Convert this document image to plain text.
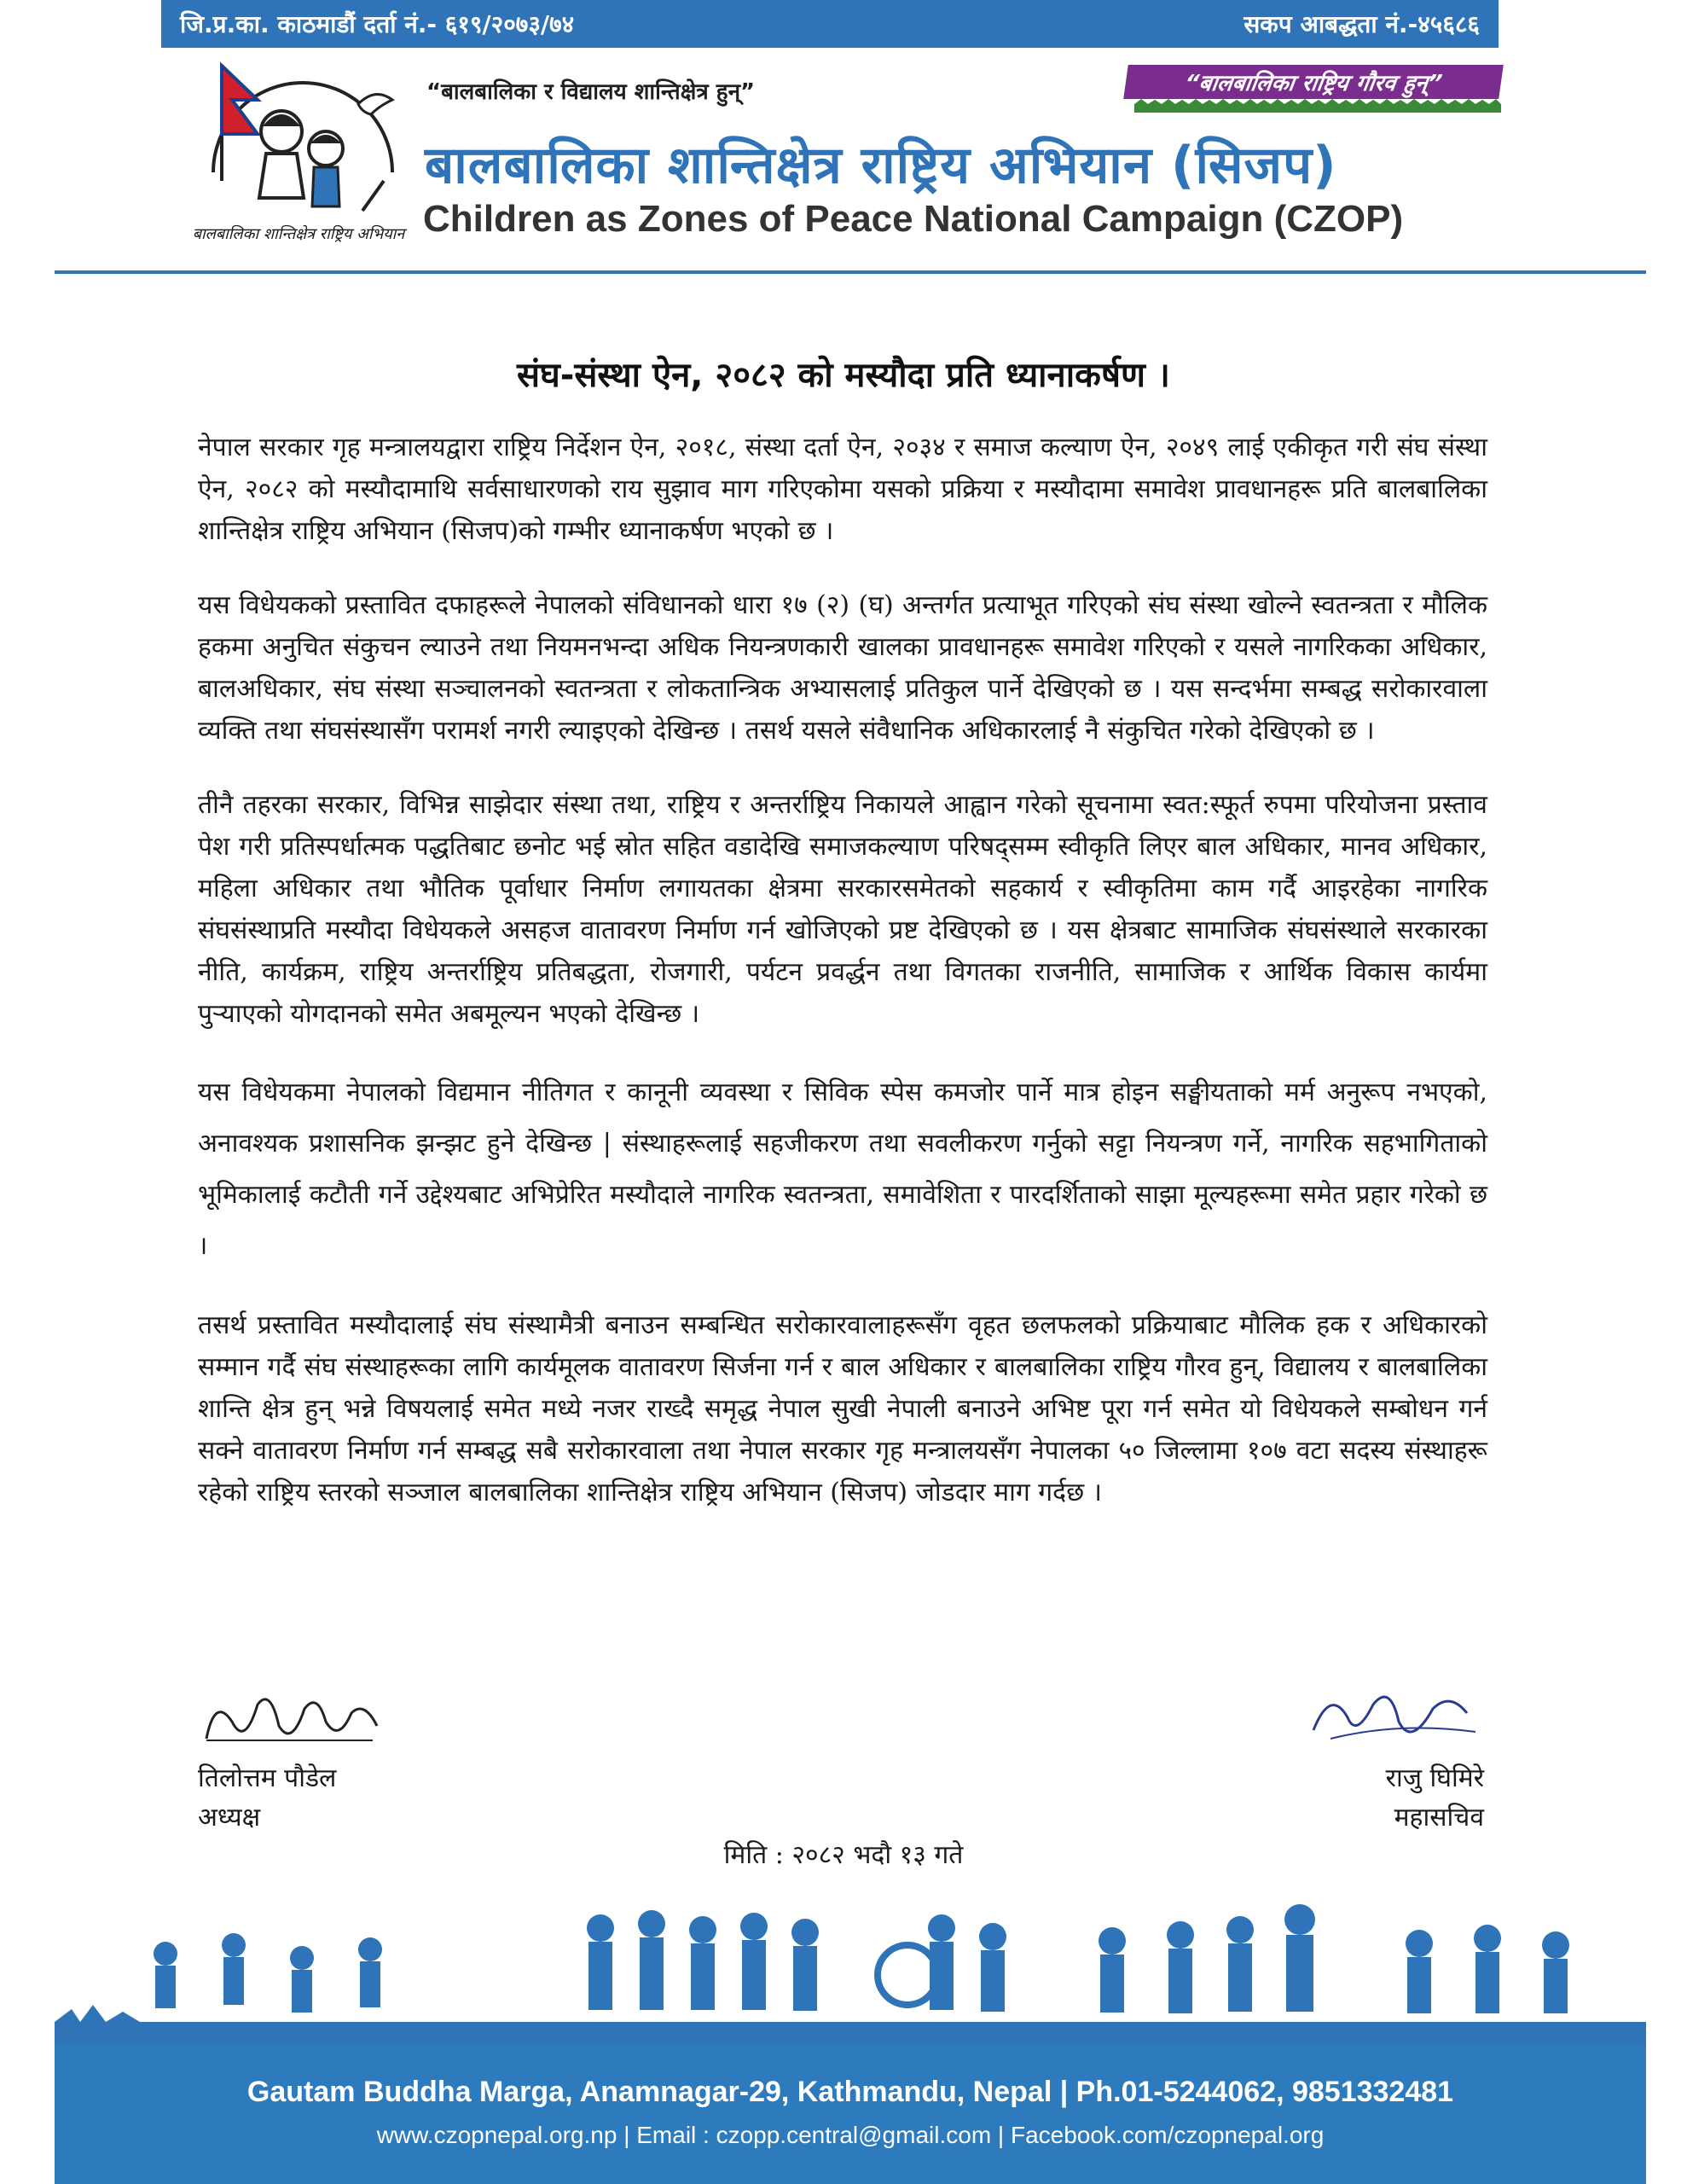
जि.प्र.का. काठमाडौं दर्ता नं.- ६१९/२०७३/७४	सकप आबद्धता नं.-४५६८६
बालबालिका शान्तिक्षेत्र राष्ट्रिय अभियान
“बालबालिका र विद्यालय शान्तिक्षेत्र हुन्”	“बालबालिका राष्ट्रिय गौरव हुन्”
बालबालिका शान्तिक्षेत्र राष्ट्रिय अभियान (सिजप)
Children as Zones of Peace National Campaign (CZOP)
संघ-संस्था ऐन, २०८२ को मस्यौदा प्रति ध्यानाकर्षण ।

नेपाल सरकार गृह मन्त्रालयद्वारा राष्ट्रिय निर्देशन ऐन, २०१८, संस्था दर्ता ऐन, २०३४ र समाज कल्याण ऐन, २०४९ लाई एकीकृत गरी संघ संस्था ऐन, २०८२ को मस्यौदामाथि सर्वसाधारणको राय सुझाव माग गरिएकोमा यसको प्रक्रिया र मस्यौदामा समावेश प्रावधानहरू प्रति बालबालिका शान्तिक्षेत्र राष्ट्रिय अभियान (सिजप)को गम्भीर ध्यानाकर्षण भएको छ ।

यस विधेयकको प्रस्तावित दफाहरूले नेपालको संविधानको धारा १७ (२) (घ) अन्तर्गत प्रत्याभूत गरिएको संघ संस्था खोल्ने स्वतन्त्रता र मौलिक हकमा अनुचित संकुचन ल्याउने तथा नियमनभन्दा अधिक नियन्त्रणकारी खालका प्रावधानहरू समावेश गरिएको र यसले नागरिकका अधिकार, बालअधिकार, संघ संस्था सञ्चालनको स्वतन्त्रता र लोकतान्त्रिक अभ्यासलाई प्रतिकुल पार्ने देखिएको छ । यस सन्दर्भमा सम्बद्ध सरोकारवाला व्यक्ति तथा संघसंस्थासँग परामर्श नगरी ल्याइएको देखिन्छ । तसर्थ यसले संवैधानिक अधिकारलाई नै संकुचित गरेको देखिएको छ ।

तीनै तहरका सरकार, विभिन्न साझेदार संस्था तथा, राष्ट्रिय र अन्तर्राष्ट्रिय निकायले आह्वान गरेको सूचनामा स्वत:स्फूर्त रुपमा परियोजना प्रस्ताव पेश गरी प्रतिस्पर्धात्मक पद्धतिबाट छनोट भई स्रोत सहित वडादेखि समाजकल्याण परिषद्सम्म स्वीकृति लिएर बाल अधिकार, मानव अधिकार, महिला अधिकार तथा भौतिक पूर्वाधार निर्माण लगायतका क्षेत्रमा सरकारसमेतको सहकार्य र स्वीकृतिमा काम गर्दै आइरहेका नागरिक संघसंस्थाप्रति मस्यौदा विधेयकले असहज वातावरण निर्माण गर्न खोजिएको प्रष्ट देखिएको छ । यस क्षेत्रबाट सामाजिक संघसंस्थाले सरकारका नीति, कार्यक्रम, राष्ट्रिय अन्तर्राष्ट्रिय प्रतिबद्धता, रोजगारी, पर्यटन प्रवर्द्धन तथा विगतका राजनीति, सामाजिक र आर्थिक विकास कार्यमा पुऱ्याएको योगदानको समेत अबमूल्यन भएको देखिन्छ ।

यस विधेयकमा नेपालको विद्यमान नीतिगत र कानूनी व्यवस्था र सिविक स्पेस कमजोर पार्ने मात्र होइन सङ्घीयताको मर्म अनुरूप नभएको, अनावश्यक प्रशासनिक झन्झट हुने देखिन्छ | संस्थाहरूलाई सहजीकरण तथा सवलीकरण गर्नुको सट्टा नियन्त्रण गर्ने, नागरिक सहभागिताको भूमिकालाई कटौती गर्ने उद्देश्यबाट अभिप्रेरित मस्यौदाले नागरिक स्वतन्त्रता, समावेशिता र पारदर्शिताको साझा मूल्यहरूमा समेत प्रहार गरेको छ ।

तसर्थ प्रस्तावित मस्यौदालाई संघ संस्थामैत्री बनाउन सम्बन्धित सरोकारवालाहरूसँग वृहत छलफलको प्रक्रियाबाट मौलिक हक र अधिकारको सम्मान गर्दै संघ संस्थाहरूका लागि कार्यमूलक वातावरण सिर्जना गर्न र बाल अधिकार र बालबालिका राष्ट्रिय गौरव हुन्, विद्यालय र बालबालिका शान्ति क्षेत्र हुन् भन्ने विषयलाई समेत मध्ये नजर राख्दै समृद्ध नेपाल सुखी नेपाली बनाउने अभिष्ट पूरा गर्न समेत यो विधेयकले सम्बोधन गर्न सक्ने वातावरण निर्माण गर्न सम्बद्ध सबै सरोकारवाला तथा नेपाल सरकार गृह मन्त्रालयसँग नेपालका ५० जिल्लामा १०७ वटा सदस्य संस्थाहरू रहेको राष्ट्रिय स्तरको सञ्जाल बालबालिका शान्तिक्षेत्र राष्ट्रिय अभियान (सिजप) जोडदार माग गर्दछ ।

तिलोत्तम पौडेल
अध्यक्ष
राजु घिमिरे
महासचिव
मिति : २०८२ भदौ १३ गते
Gautam Buddha Marga, Anamnagar-29, Kathmandu, Nepal | Ph.01-5244062, 9851332481
www.czopnepal.org.np | Email : czopp.central@gmail.com | Facebook.com/czopnepal.org
